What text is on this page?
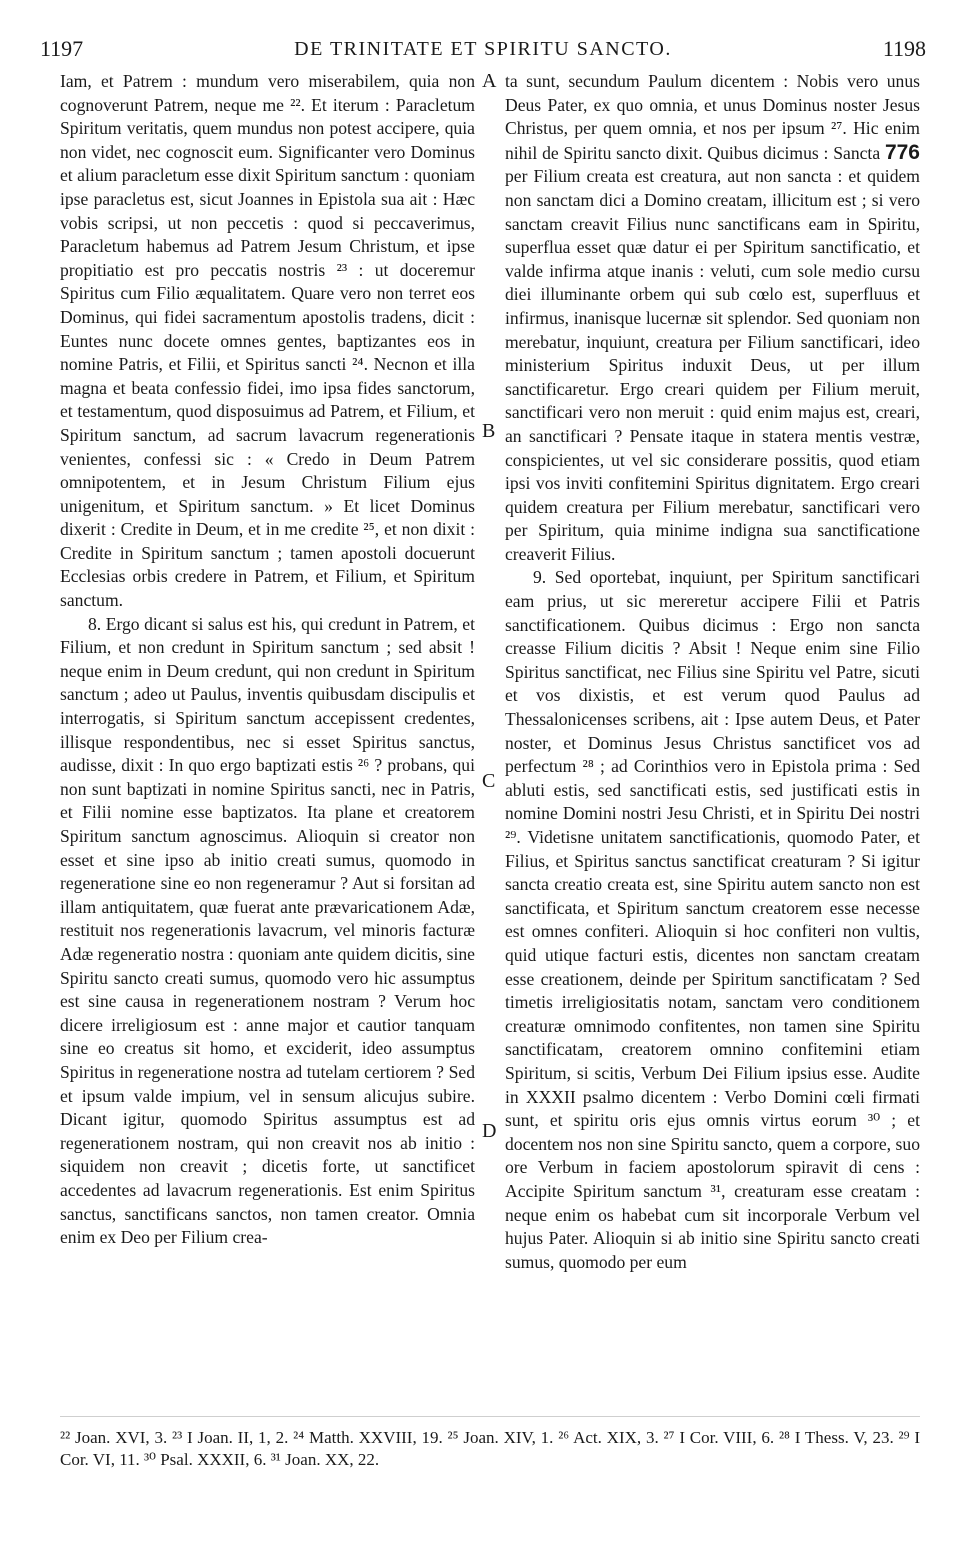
1197	DE TRINITATE ET SPIRITU SANCTO.	1198

Iam, et Patrem : mundum vero miserabilem, quia non cognoverunt Patrem, neque me ²². Et iterum : Paracletum Spiritum veritatis, quem mundus non potest accipere, quia non videt, nec cognoscit eum. Significanter vero Dominus et alium paracletum esse dixit Spiritum sanctum : quoniam ipse paracletus est, sicut Joannes in Epistola sua ait : Hæc vobis scripsi, ut non peccetis : quod si peccaverimus, Paracletum habemus ad Patrem Jesum Christum, et ipse propitiatio est pro peccatis nostris ²³ : ut doceremur Spiritus cum Filio æqualitatem. Quare vero non terret eos Dominus, qui fidei sacramentum apostolis tradens, dicit : Euntes nunc docete omnes gentes, baptizantes eos in nomine Patris, et Filii, et Spiritus sancti ²⁴. Necnon et illa magna et beata confessio fidei, imo ipsa fides sanctorum, et testamentum, quod disposuimus ad Patrem, et Filium, et Spiritum sanctum, ad sacrum lavacrum regenerationis venientes, confessi sic : « Credo in Deum Patrem omnipotentem, et in Jesum Christum Filium ejus unigenitum, et Spiritum sanctum. » Et licet Dominus dixerit : Credite in Deum, et in me credite ²⁵, et non dixit : Credite in Spiritum sanctum ; tamen apostoli docuerunt Ecclesias orbis credere in Patrem, et Filium, et Spiritum sanctum.

8. Ergo dicant si salus est his, qui credunt in Patrem, et Filium, et non credunt in Spiritum sanctum ; sed absit ! neque enim in Deum credunt, qui non credunt in Spiritum sanctum ; adeo ut Paulus, inventis quibusdam discipulis et interrogatis, si Spiritum sanctum accepissent credentes, illisque respondentibus, nec si esset Spiritus sanctus, audisse, dixit : In quo ergo baptizati estis ²⁶ ? probans, qui non sunt baptizati in nomine Spiritus sancti, nec in Patris, et Filii nomine esse baptizatos. Ita plane et creatorem Spiritum sanctum agnoscimus. Alioquin si creator non esset et sine ipso ab initio creati sumus, quomodo in regeneratione sine eo non regeneramur ? Aut si forsitan ad illam antiquitatem, quæ fuerat ante prævaricationem Adæ, restituit nos regenerationis lavacrum, vel minoris facturæ Adæ regeneratio nostra : quoniam ante quidem dicitis, sine Spiritu sancto creati sumus, quomodo vero hic assumptus est sine causa in regenerationem nostram ? Verum hoc dicere irreligiosum est : anne major et cautior tanquam sine eo creatus sit homo, et exciderit, ideo assumptus Spiritus in regeneratione nostra ad tutelam certiorem ? Sed et ipsum valde impium, vel in sensum alicujus subire. Dicant igitur, quomodo Spiritus assumptus est ad regenerationem nostram, qui non creavit nos ab initio : siquidem non creavit ; dicetis forte, ut sanctificet accedentes ad lavacrum regenerationis. Est enim Spiritus sanctus, sanctificans sanctos, non tamen creator. Omnia enim ex Deo per Filium crea-

ta sunt, secundum Paulum dicentem : Nobis vero unus Deus Pater, ex quo omnia, et unus Dominus noster Jesus Christus, per quem omnia, et nos per ipsum ²⁷. Hic enim nihil de Spiritu sancto dixit. Quibus dicimus : Sancta 776 per Filium creata est creatura, aut non sancta : et quidem non sanctam dici a Domino creatam, illicitum est ; si vero sanctam creavit Filius nunc sanctificans eam in Spiritu, superflua esset quæ datur ei per Spiritum sanctificatio, et valde infirma atque inanis : veluti, cum sole medio cursu diei illuminante orbem qui sub cœlo est, superfluus et infirmus, inanisque lucernæ sit splendor. Sed quoniam non merebatur, inquiunt, creatura per Filium sanctificari, ideo ministerium Spiritus induxit Deus, ut per illum sanctificaretur. Ergo creari quidem per Filium meruit, sanctificari vero non meruit : quid enim majus est, creari, an sanctificari ? Pensate itaque in statera mentis vestræ, conspicientes, ut vel sic considerare possitis, quod etiam ipsi vos inviti confitemini Spiritus dignitatem. Ergo creari quidem creatura per Filium merebatur, sanctificari vero per Spiritum, quia minime indigna sua sanctificatione creaverit Filius.

9. Sed oportebat, inquiunt, per Spiritum sanctificari eam prius, ut sic mereretur accipere Filii et Patris sanctificationem. Quibus dicimus : Ergo non sancta creasse Filium dicitis ? Absit ! Neque enim sine Filio Spiritus sanctificat, nec Filius sine Spiritu vel Patre, sicuti et vos dixistis, et est verum quod Paulus ad Thessalonicenses scribens, ait : Ipse autem Deus, et Pater noster, et Dominus Jesus Christus sanctificet vos ad perfectum ²⁸ ; ad Corinthios vero in Epistola prima : Sed abluti estis, sed sanctificati estis, sed justificati estis in nomine Domini nostri Jesu Christi, et in Spiritu Dei nostri ²⁹. Videtisne unitatem sanctificationis, quomodo Pater, et Filius, et Spiritus sanctus sanctificat creaturam ? Si igitur sancta creatio creata est, sine Spiritu autem sancto non est sanctificata, et Spiritum sanctum creatorem esse necesse est omnes confiteri. Alioquin si hoc confiteri non vultis, quid utique facturi estis, dicentes non sanctam creatam esse creationem, deinde per Spiritum sanctificatam ? Sed timetis irreligiositatis notam, sanctam vero conditionem creaturæ omnimodo confitentes, non tamen sine Spiritu sanctificatam, creatorem omnino confitemini etiam Spiritum, si scitis, Verbum Dei Filium ipsius esse. Audite in XXXII psalmo dicentem : Verbo Domini cœli firmati sunt, et spiritu oris ejus omnis virtus eorum ³⁰ ; et docentem nos non sine Spiritu sancto, quem a corpore, suo ore Verbum in faciem apostolorum spiravit di cens : Accipite Spiritum sanctum ³¹, creaturam esse creatam : neque enim os habebat cum sit incorporale Verbum vel hujus Pater. Alioquin si ab initio sine Spiritu sancto creati sumus, quomodo per eum

A
B
C
D
²² Joan. XVI, 3. ²³ I Joan. II, 1, 2. ²⁴ Matth. XXVIII, 19. ²⁵ Joan. XIV, 1. ²⁶ Act. XIX, 3. ²⁷ I Cor. VIII, 6. ²⁸ I Thess. V, 23. ²⁹ I Cor. VI, 11. ³⁰ Psal. XXXII, 6. ³¹ Joan. XX, 22.
